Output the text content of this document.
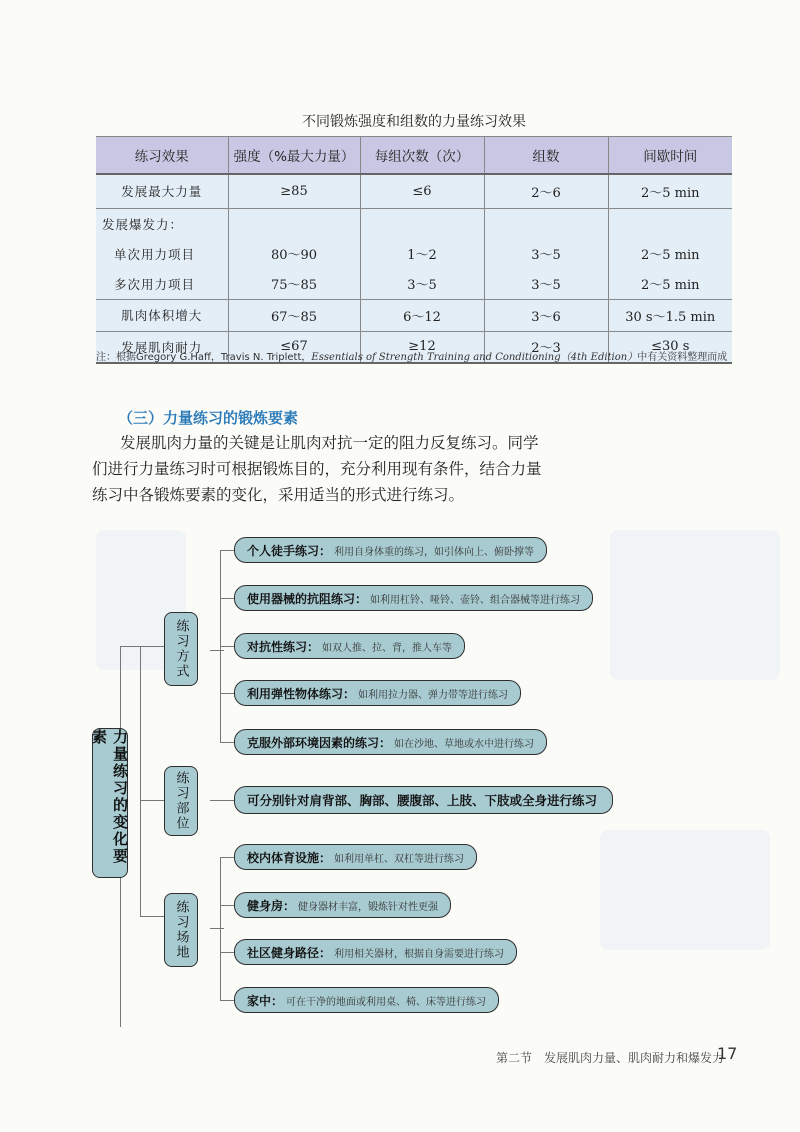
不同锻炼强度和组数的力量练习效果
练习效果	强度（%最大力量）	每组次数（次）	组数	间歇时间
发展最大力量	≥85	≤6	2～6	2～5 min
发展爆发力：				
单次用力项目	80～90	1～2	3～5	2～5 min
多次用力项目	75～85	3～5	3～5	2～5 min
肌肉体积增大	67～85	6～12	3～6	30 s～1.5 min
发展肌肉耐力	≤67	≥12	2～3	≤30 s
注：根据Gregory G.Haff，Travis N. Triplett，Essentials of Strength Training and Conditioning（4th Edition）中有关资料整理而成
（三）力量练习的锻炼要素
发展肌肉力量的关键是让肌肉对抗一定的阻力反复练习。同学
们进行力量练习时可根据锻炼目的，充分利用现有条件，结合力量
练习中各锻炼要素的变化，采用适当的形式进行练习。
力量练习的变化要素
练习方式
练习部位
练习场地
个人徒手练习： 利用自身体重的练习，如引体向上、俯卧撑等
使用器械的抗阻练习： 如利用杠铃、哑铃、壶铃、组合器械等进行练习
对抗性练习： 如双人推、拉、背，推人车等
利用弹性物体练习： 如利用拉力器、弹力带等进行练习
克服外部环境因素的练习： 如在沙地、草地或水中进行练习
可分别针对肩背部、胸部、腰腹部、上肢、下肢或全身进行练习
校内体育设施： 如利用单杠、双杠等进行练习
健身房： 健身器材丰富，锻炼针对性更强
社区健身路径： 利用相关器材，根据自身需要进行练习
家中： 可在干净的地面或利用桌、椅、床等进行练习
第二节　发展肌肉力量、肌肉耐力和爆发力
17
